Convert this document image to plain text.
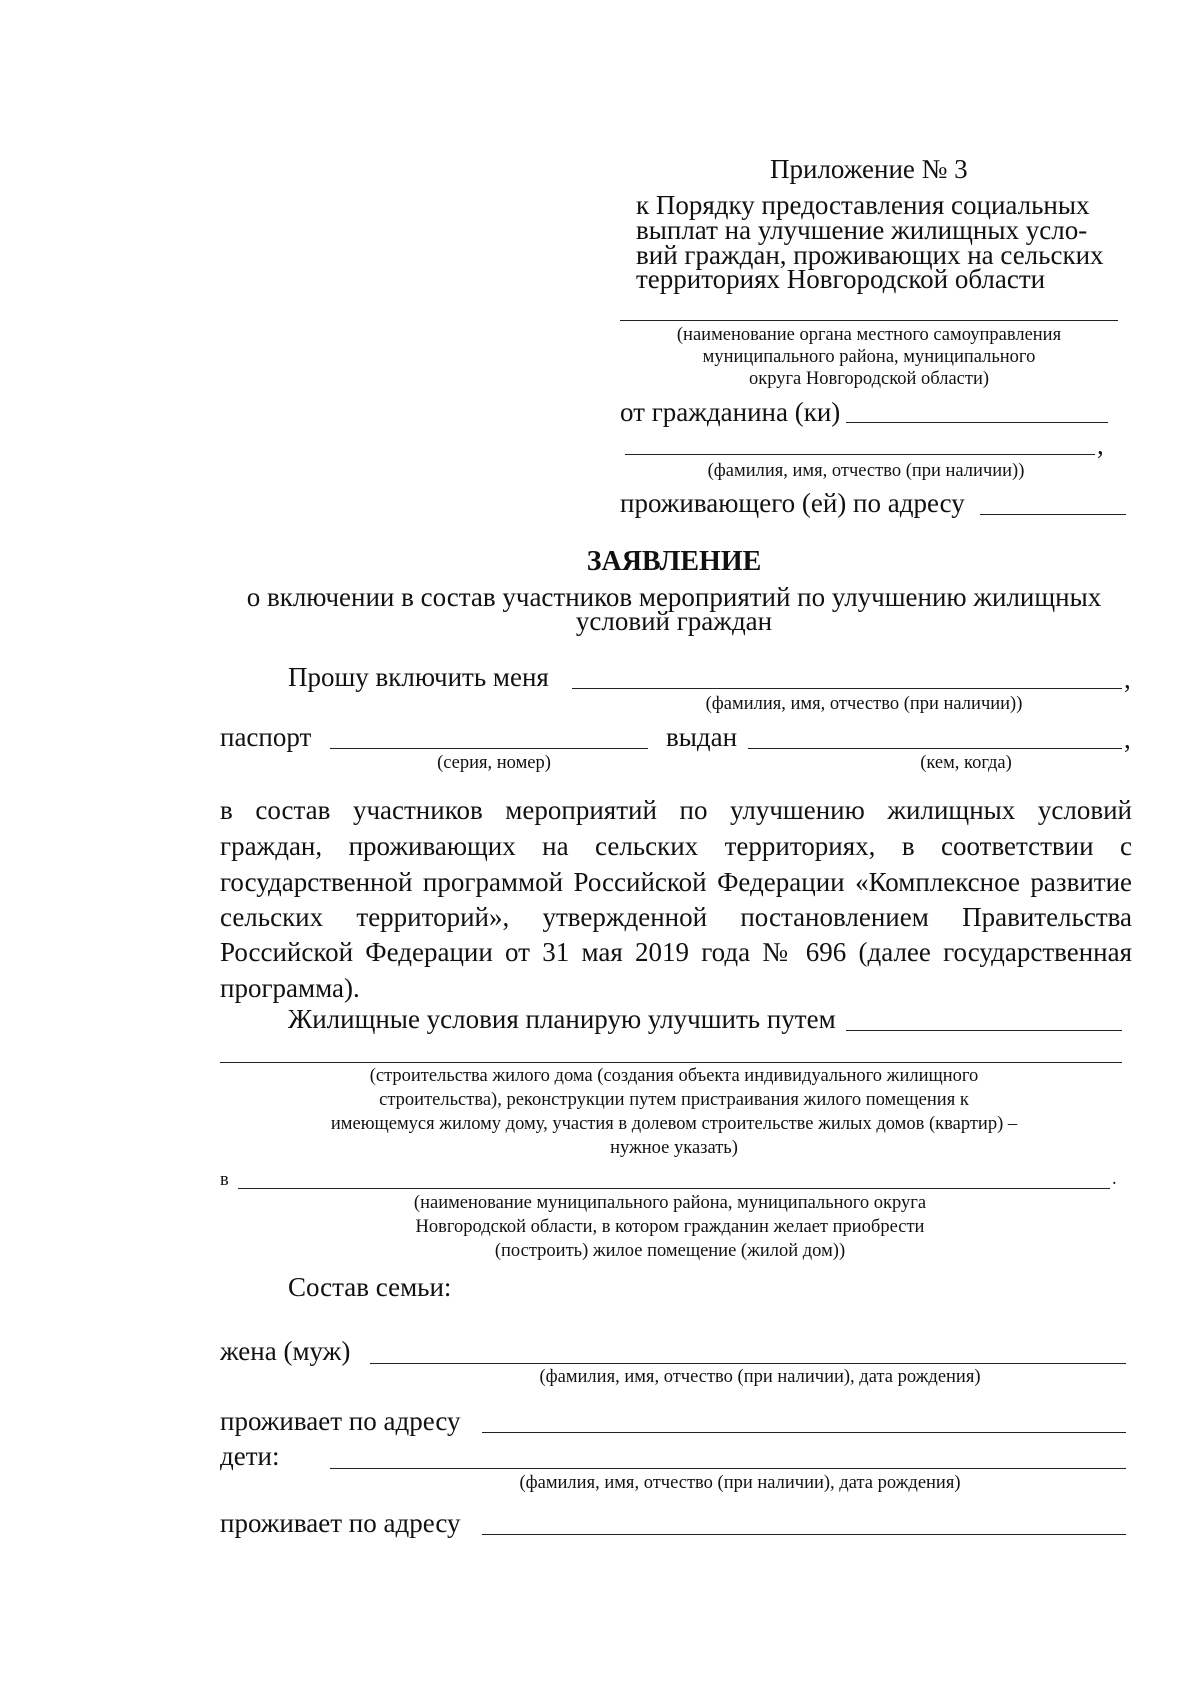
Приложение № 3
к Порядку предоставления социальных
выплат на улучшение жилищных усло-
вий граждан, проживающих на сельских
территориях Новгородской области
(наименование органа местного самоуправления
муниципального района, муниципального
округа Новгородской области)
от гражданина (ки)
,
(фамилия, имя, отчество (при наличии))
проживающего (ей) по адресу
ЗАЯВЛЕНИЕ
о включении в состав участников мероприятий по улучшению жилищных
условий граждан
Прошу включить меня	,
(фамилия, имя, отчество (при наличии))
паспорт
(серия, номер)
выдан	,
(кем, когда)
в состав участников мероприятий по улучшению жилищных условий
граждан, проживающих на сельских территориях, в соответствии с
государственной программой Российской Федерации «Комплексное развитие
сельских территорий», утвержденной постановлением Правительства
Российской Федерации от 31 мая 2019 года № 696 (далее государственная
программа).
Жилищные условия планирую улучшить путем
(строительства жилого дома (создания объекта индивидуального жилищного
строительства), реконструкции путем пристраивания жилого помещения к
имеющемуся жилому дому, участия в долевом строительстве жилых домов (квартир) –
нужное указать)
в	.
(наименование муниципального района, муниципального округа
Новгородской области, в котором гражданин желает приобрести
(построить) жилое помещение (жилой дом))
Состав семьи:
жена (муж)
(фамилия, имя, отчество (при наличии), дата рождения)
проживает по адресу
дети:
(фамилия, имя, отчество (при наличии), дата рождения)
проживает по адресу
